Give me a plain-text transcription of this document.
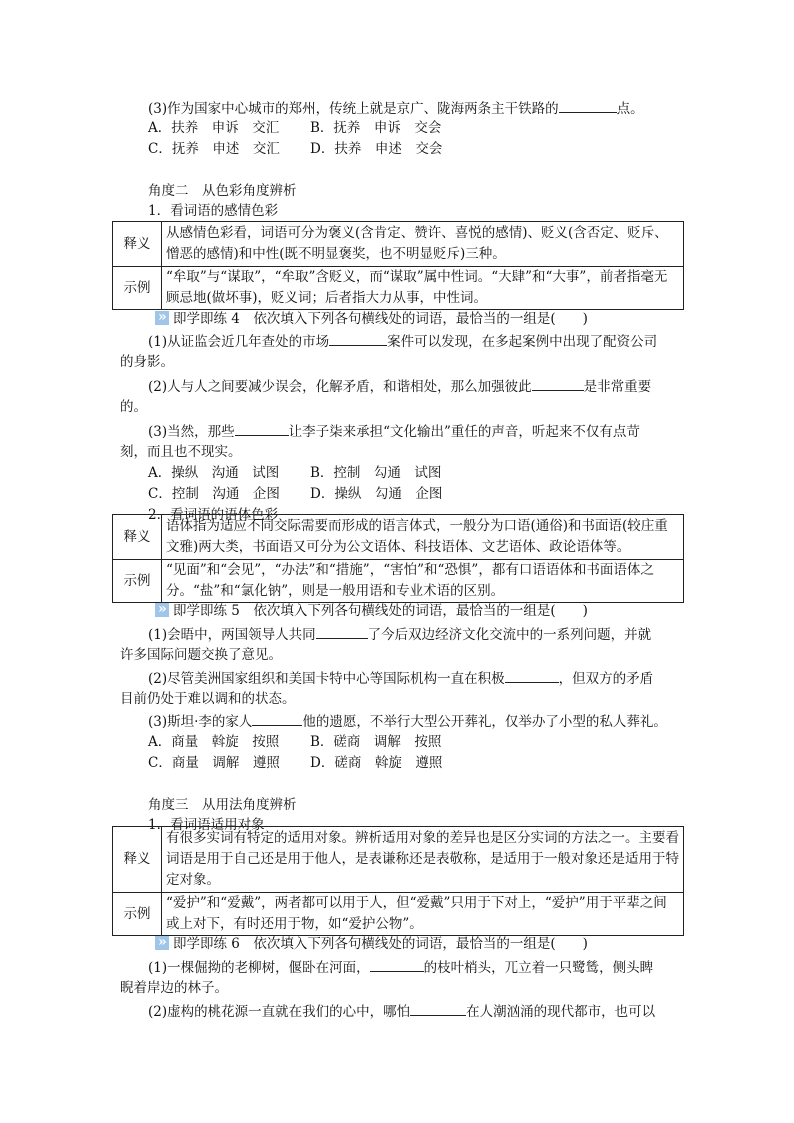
(3)作为国家中心城市的郑州，传统上就是京广、陇海两条主干铁路的	点。
A．扶养　申诉　交汇 B．抚养　申诉　交会
C．抚养　申述　交汇 D．扶养　申述　交会
角度二　从色彩角度辨析
1．看词语的感情色彩
释义	从感情色彩看，词语可分为褒义(含肯定、赞许、喜悦的感情)、贬义(含否定、贬斥、憎恶的感情)和中性(既不明显褒奖，也不明显贬斥)三种。
示例	“牟取”与“谋取”，“牟取”含贬义，而“谋取”属中性词。“大肆”和“大事”，前者指毫无顾忌地(做坏事)，贬义词；后者指大力从事，中性词。
»即学即练 4　依次填入下列各句横线处的词语，最恰当的一组是(　　)
(1)从证监会近几年查处的市场	案件可以发现，在多起案例中出现了配资公司
的身影。
(2)人与人之间要减少误会，化解矛盾，和谐相处，那么加强彼此	是非常重要
的。
(3)当然，那些	让李子柒来承担“文化输出”重任的声音，听起来不仅有点苛
刻，而且也不现实。
A．操纵　沟通　试图 B．控制　勾通　试图
C．控制　沟通　企图 D．操纵　勾通　企图
2．看词语的语体色彩
释义	语体指为适应不同交际需要而形成的语言体式，一般分为口语(通俗)和书面语(较庄重文雅)两大类，书面语又可分为公文语体、科技语体、文艺语体、政论语体等。
示例	“见面”和“会见”，“办法”和“措施”，“害怕”和“恐惧”，都有口语语体和书面语体之分。“盐”和“氯化钠”，则是一般用语和专业术语的区别。
»即学即练 5　依次填入下列各句横线处的词语，最恰当的一组是(　　)
(1)会晤中，两国领导人共同	了今后双边经济文化交流中的一系列问题，并就
许多国际问题交换了意见。
(2)尽管美洲国家组织和美国卡特中心等国际机构一直在积极	，但双方的矛盾
目前仍处于难以调和的状态。
(3)斯坦·李的家人	他的遗愿，不举行大型公开葬礼，仅举办了小型的私人葬礼。
A．商量　斡旋　按照 B．磋商　调解　按照
C．商量　调解　遵照 D．磋商　斡旋　遵照
角度三　从用法角度辨析
1．看词语适用对象
释义	有很多实词有特定的适用对象。辨析适用对象的差异也是区分实词的方法之一。主要看词语是用于自己还是用于他人，是表谦称还是表敬称，是适用于一般对象还是适用于特定对象。
示例	“爱护”和“爱戴”，两者都可以用于人，但“爱戴”只用于下对上，“爱护”用于平辈之间或上对下，有时还用于物，如“爱护公物”。
»即学即练 6　依次填入下列各句横线处的词语，最恰当的一组是(　　)
(1)一棵倔拗的老柳树，偃卧在河面，	的枝叶梢头，兀立着一只鹭鸶，侧头睥
睨着岸边的林子。
(2)虚构的桃花源一直就在我们的心中，哪怕	在人潮汹涌的现代都市，也可以
